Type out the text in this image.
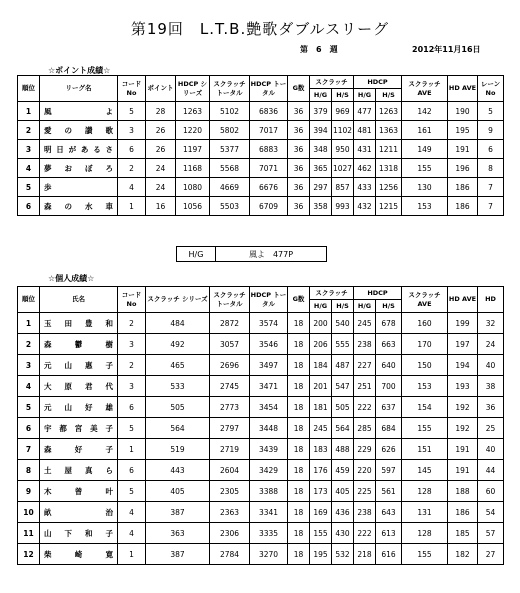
第19回　L.T.B.艶歌ダブルスリーグ
第　6　週	2012年11月16日
☆ポイント成績☆
順位	リーグ名	コード No	ポイント	HDCP シリーズ	スクラッチ トータル	HDCP トータル	G数	スクラッチ		HDCP		スクラッチ AVE	HD AVE	レーン No
								H/G	H/S	H/G	H/S			
1	風よ	5	28	1263	5102	6836	36	379	969	477	1263	142	190	5
2	愛の讃歌	3	26	1220	5802	7017	36	394	1102	481	1363	161	195	9
3	明日があるさ	6	26	1197	5377	6883	36	348	950	431	1211	149	191	6
4	夢おぼろ	2	24	1168	5568	7071	36	365	1027	462	1318	155	196	8
5	歩	4	24	1080	4669	6676	36	297	857	433	1256	130	186	7
6	森の水車	1	16	1056	5503	6709	36	358	993	432	1215	153	186	7
H/G	風よ　477P
☆個人成績☆
順位	氏名	コード No	スクラッチ シリーズ	スクラッチ トータル	HDCP トータル	G数	スクラッチ		HDCP		スクラッチ AVE	HD AVE	HD
							H/G	H/S	H/G	H/S			
1	玉田豊和	2	484	2872	3574	18	200	540	245	678	160	199	32
2	森鬱樹	3	492	3057	3546	18	206	555	238	663	170	197	24
3	元山惠子	2	465	2696	3497	18	184	487	227	640	150	194	40
4	大原君代	3	533	2745	3471	18	201	547	251	700	153	193	38
5	元山好雄	6	505	2773	3454	18	181	505	222	637	154	192	36
6	宇都宮美子	5	564	2797	3448	18	245	564	285	684	155	192	25
7	森好子	1	519	2719	3439	18	183	488	229	626	151	191	40
8	土屋真ら	6	443	2604	3429	18	176	459	220	597	145	191	44
9	木曾叶	5	405	2305	3388	18	173	405	225	561	128	188	60
10	畝治	4	387	2363	3341	18	169	436	238	643	131	186	54
11	山下和子	4	363	2306	3335	18	155	430	222	613	128	185	57
12	柴崎寛	1	387	2784	3270	18	195	532	218	616	155	182	27
